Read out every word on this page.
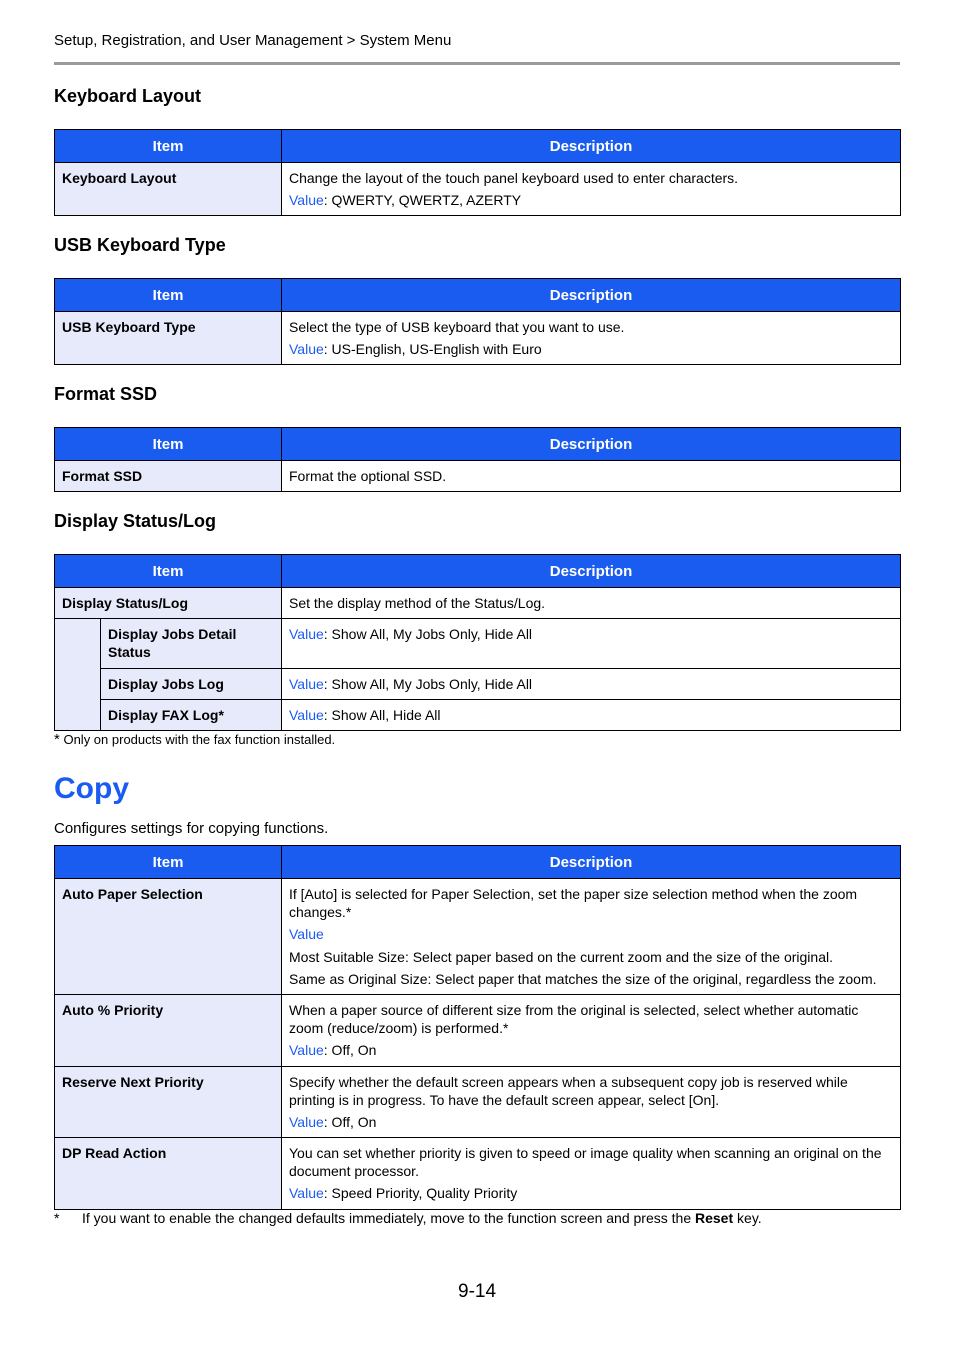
Setup, Registration, and User Management > System Menu
Keyboard Layout
Item	Description
Keyboard Layout	Change the layout of the touch panel keyboard used to enter characters.
Value: QWERTY, QWERTZ, AZERTY
USB Keyboard Type
Item	Description
USB Keyboard Type	Select the type of USB keyboard that you want to use.
Value: US-English, US-English with Euro
Format SSD
Item	Description
Format SSD	Format the optional SSD.
Display Status/Log
Item		Description
Display Status/Log		Set the display method of the Status/Log.
	Display Jobs Detail Status	Value: Show All, My Jobs Only, Hide All
	Display Jobs Log	Value: Show All, My Jobs Only, Hide All
	Display FAX Log*	Value: Show All, Hide All
* Only on products with the fax function installed.
Copy
Configures settings for copying functions.
Item	Description
Auto Paper Selection	If [Auto] is selected for Paper Selection, set the paper size selection method when the zoom changes.*
Value
Most Suitable Size: Select paper based on the current zoom and the size of the original.
Same as Original Size: Select paper that matches the size of the original, regardless the zoom.

Auto % Priority	When a paper source of different size from the original is selected, select whether automatic zoom (reduce/zoom) is performed.*
Value: Off, On

Reserve Next Priority	Specify whether the default screen appears when a subsequent copy job is reserved while printing is in progress. To have the default screen appear, select [On].
Value: Off, On

DP Read Action	You can set whether priority is given to speed or image quality when scanning an original on the document processor.
Value: Speed Priority, Quality Priority
* If you want to enable the changed defaults immediately, move to the function screen and press the Reset key.
9-14
